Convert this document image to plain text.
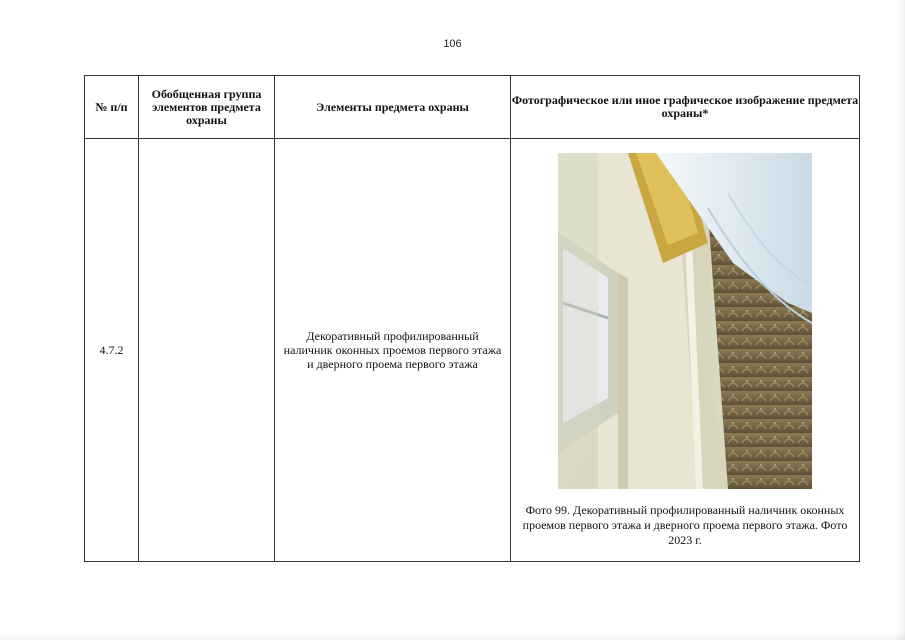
106
№ п/п	Обобщенная группа элементов предмета охраны	Элементы предмета охраны	Фотографическое или иное графическое изображение предмета охраны*
4.7.2		Декоративный профилированный наличник оконных проемов первого этажа и дверного проема первого этажа	Фото 99. Декоративный профилированный наличник оконных проемов первого этажа и дверного проема первого этажа. Фото 2023 г.
